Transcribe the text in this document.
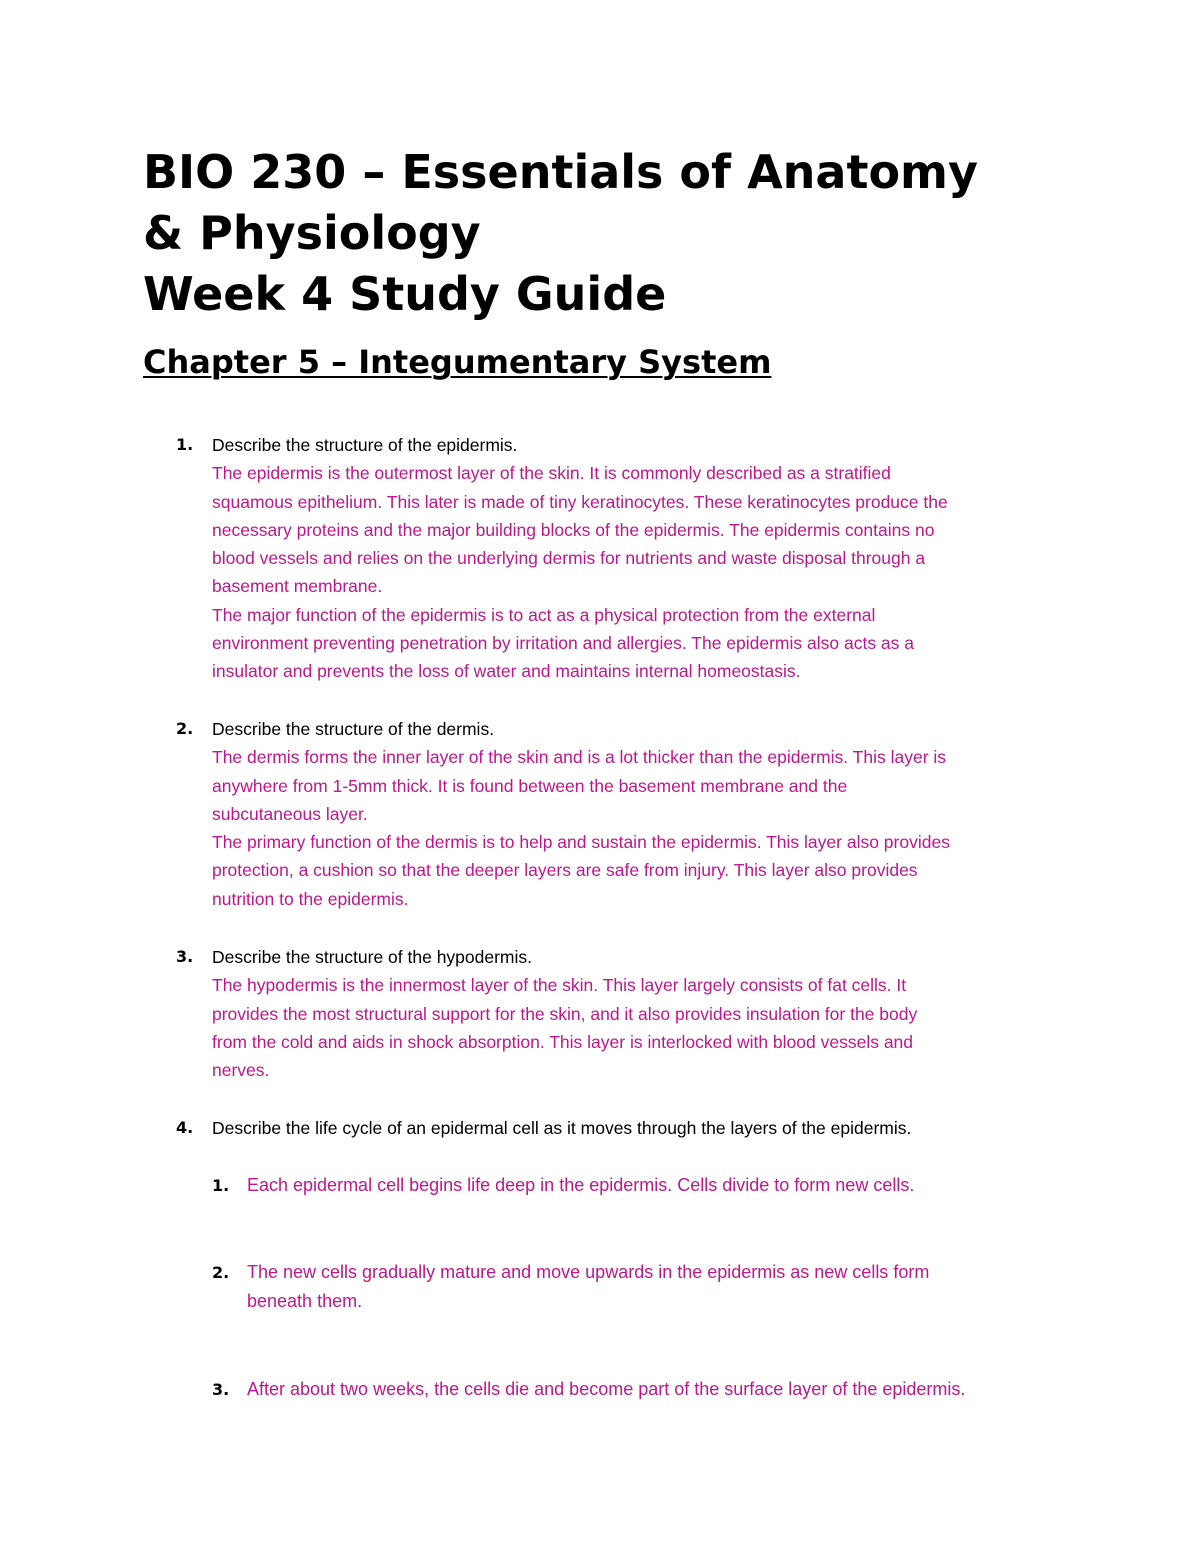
BIO 230 – Essentials of Anatomy
& Physiology
Week 4 Study Guide
Chapter 5 – Integumentary System
1. Describe the structure of the epidermis.
The epidermis is the outermost layer of the skin. It is commonly described as a stratified
squamous epithelium. This later is made of tiny keratinocytes. These keratinocytes produce the
necessary proteins and the major building blocks of the epidermis. The epidermis contains no
blood vessels and relies on the underlying dermis for nutrients and waste disposal through a
basement membrane.
The major function of the epidermis is to act as a physical protection from the external
environment preventing penetration by irritation and allergies. The epidermis also acts as a
insulator and prevents the loss of water and maintains internal homeostasis.
2. Describe the structure of the dermis.
The dermis forms the inner layer of the skin and is a lot thicker than the epidermis. This layer is
anywhere from 1-5mm thick. It is found between the basement membrane and the
subcutaneous layer.
The primary function of the dermis is to help and sustain the epidermis. This layer also provides
protection, a cushion so that the deeper layers are safe from injury. This layer also provides
nutrition to the epidermis.
3. Describe the structure of the hypodermis.
The hypodermis is the innermost layer of the skin. This layer largely consists of fat cells. It
provides the most structural support for the skin, and it also provides insulation for the body
from the cold and aids in shock absorption. This layer is interlocked with blood vessels and
nerves.
4. Describe the life cycle of an epidermal cell as it moves through the layers of the epidermis.
1. Each epidermal cell begins life deep in the epidermis. Cells divide to form new cells.
2. The new cells gradually mature and move upwards in the epidermis as new cells form
beneath them.
3. After about two weeks, the cells die and become part of the surface layer of the epidermis.
